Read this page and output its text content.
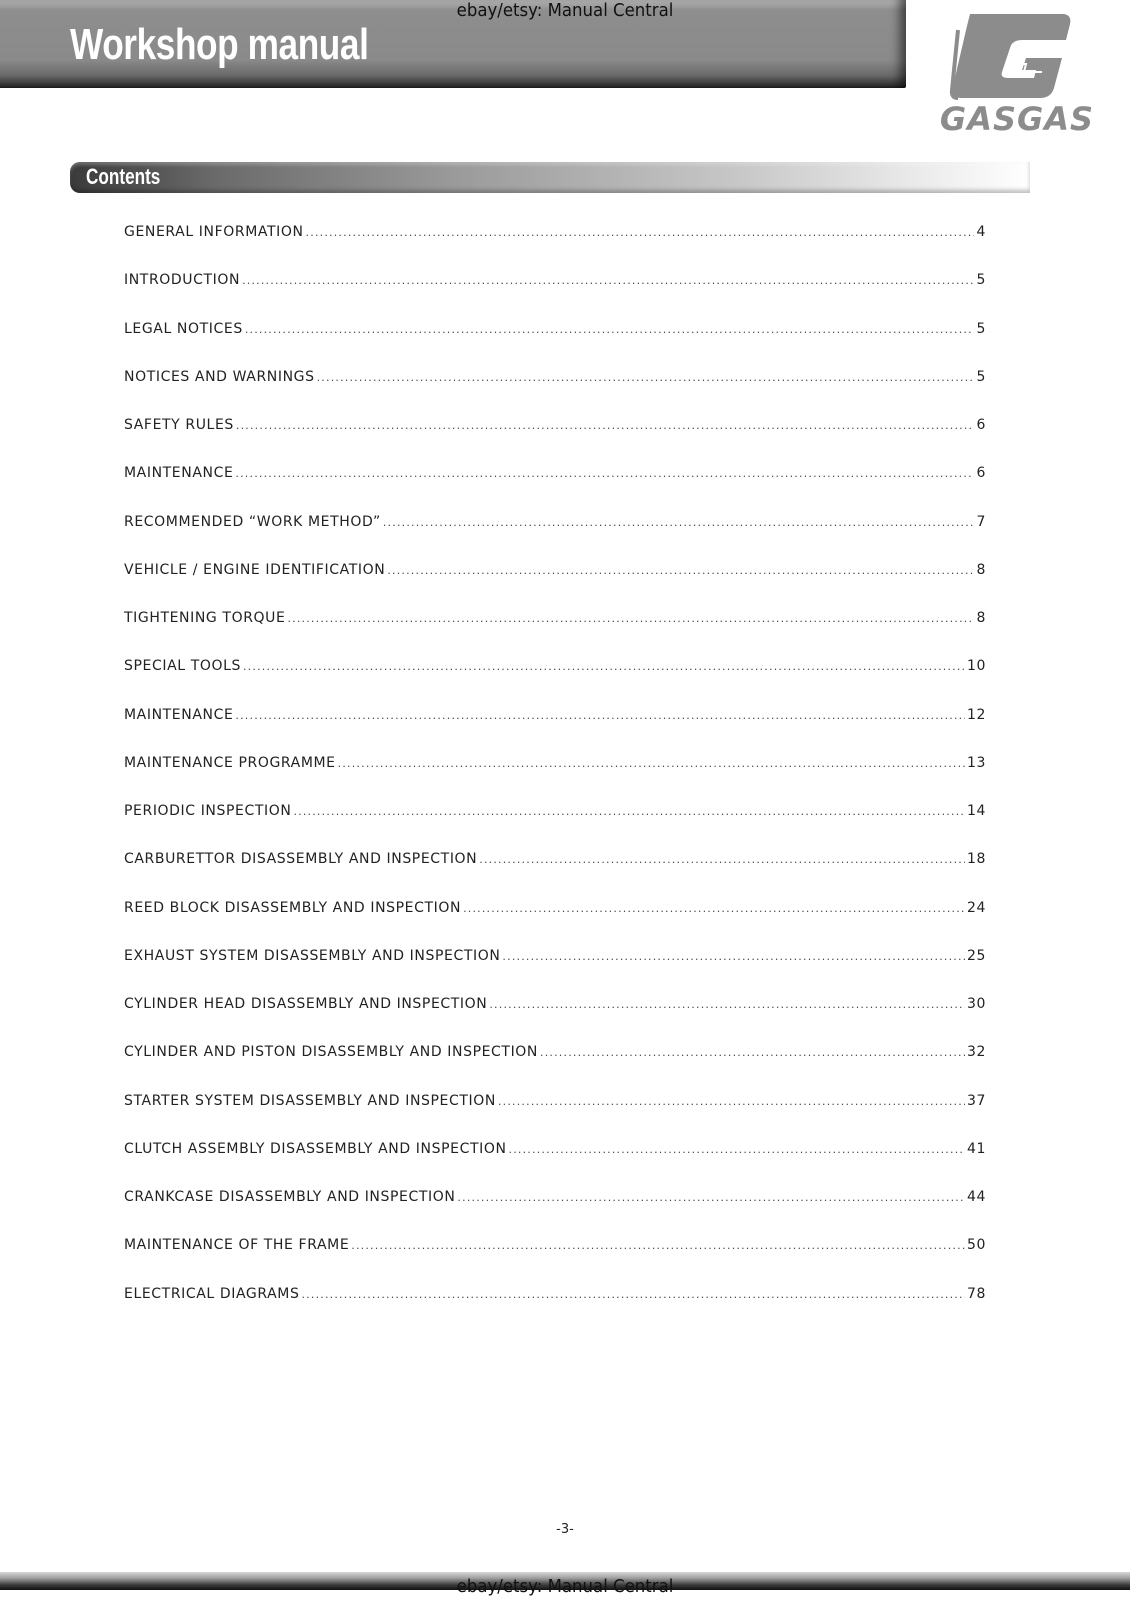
Workshop manual
ebay/etsy: Manual Central
GASGAS
Contents
GENERAL INFORMATION .....	4
INTRODUCTION .....	5
LEGAL NOTICES .....	5
NOTICES AND WARNINGS .....	5
SAFETY RULES .....	6
MAINTENANCE .....	6
RECOMMENDED “WORK METHOD” .....	7
VEHICLE / ENGINE IDENTIFICATION .....	8
TIGHTENING TORQUE .....	8
SPECIAL TOOLS .....	10
MAINTENANCE .....	12
MAINTENANCE PROGRAMME .....	13
PERIODIC INSPECTION .....	14
CARBURETTOR DISASSEMBLY AND INSPECTION .....	18
REED BLOCK DISASSEMBLY AND INSPECTION .....	24
EXHAUST SYSTEM DISASSEMBLY AND INSPECTION .....	25
CYLINDER HEAD DISASSEMBLY AND INSPECTION .....	30
CYLINDER AND PISTON DISASSEMBLY AND INSPECTION .....	32
STARTER SYSTEM DISASSEMBLY AND INSPECTION .....	37
CLUTCH ASSEMBLY DISASSEMBLY AND INSPECTION .....	41
CRANKCASE DISASSEMBLY AND INSPECTION .....	44
MAINTENANCE OF THE FRAME .....	50
ELECTRICAL DIAGRAMS .....	78
-3-
ebay/etsy: Manual Central
